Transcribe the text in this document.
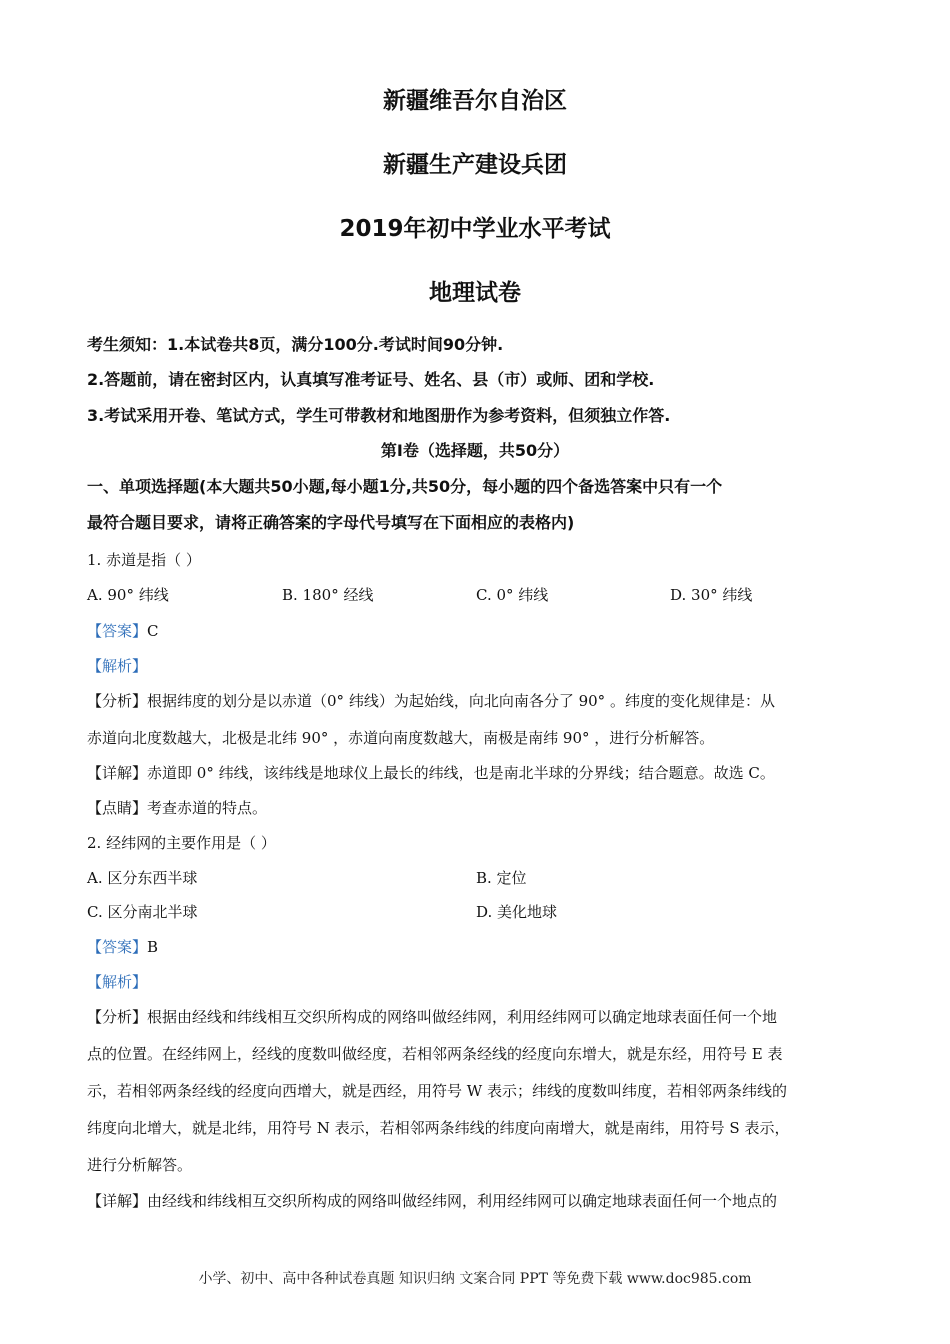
新疆维吾尔自治区
新疆生产建设兵团
2019年初中学业水平考试
地理试卷
考生须知：1.本试卷共8页，满分100分.考试时间90分钟.
2.答题前，请在密封区内，认真填写准考证号、姓名、县（市）或师、团和学校.
3.考试采用开卷、笔试方式，学生可带教材和地图册作为参考资料，但须独立作答.
第Ⅰ卷（选择题，共50分）
一、单项选择题(本大题共50小题,每小题1分,共50分，每小题的四个备选答案中只有一个
最符合题目要求，请将正确答案的字母代号填写在下面相应的表格内)
1. 赤道是指（ ）
A. 90° 纬线	B. 180° 经线	C. 0° 纬线	D. 30° 纬线
【答案】C
【解析】
【分析】根据纬度的划分是以赤道（0° 纬线）为起始线，向北向南各分了 90° 。纬度的变化规律是：从
赤道向北度数越大，北极是北纬 90° ，赤道向南度数越大，南极是南纬 90° ，进行分析解答。
【详解】赤道即 0° 纬线，该纬线是地球仪上最长的纬线，也是南北半球的分界线；结合题意。故选 C。
【点睛】考查赤道的特点。
2. 经纬网的主要作用是（ ）
A. 区分东西半球	B. 定位
C. 区分南北半球	D. 美化地球
【答案】B
【解析】
【分析】根据由经线和纬线相互交织所构成的网络叫做经纬网，利用经纬网可以确定地球表面任何一个地
点的位置。在经纬网上，经线的度数叫做经度，若相邻两条经线的经度向东增大，就是东经，用符号 E 表
示，若相邻两条经线的经度向西增大，就是西经，用符号 W 表示；纬线的度数叫纬度，若相邻两条纬线的
纬度向北增大，就是北纬，用符号 N 表示，若相邻两条纬线的纬度向南增大，就是南纬，用符号 S 表示，
进行分析解答。
【详解】由经线和纬线相互交织所构成的网络叫做经纬网，利用经纬网可以确定地球表面任何一个地点的
小学、初中、高中各种试卷真题 知识归纳 文案合同 PPT 等免费下载 www.doc985.com
